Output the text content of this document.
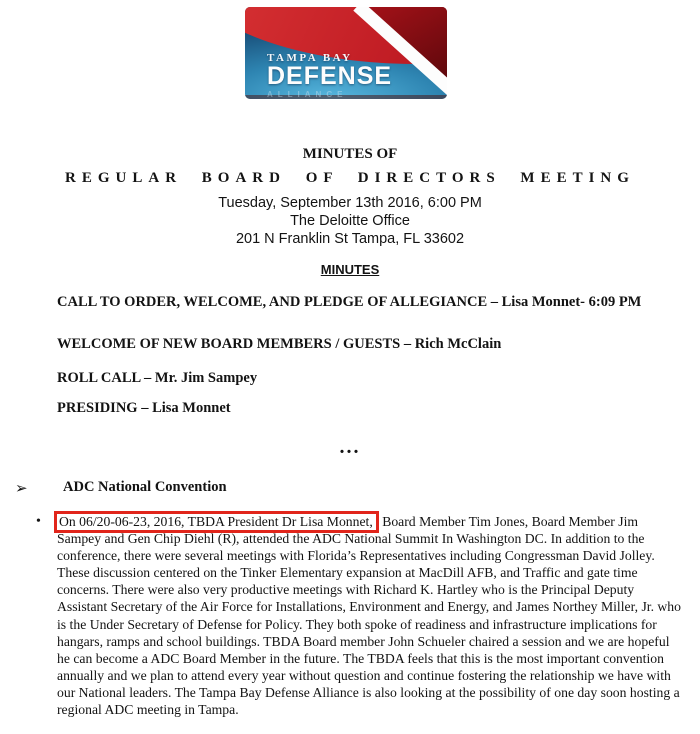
TAMPA BAY
DEFENSE
ALLIANCE
MINUTES OF
REGULAR BOARD OF DIRECTORS MEETING
Tuesday, September 13th 2016, 6:00 PM
The Deloitte Office
201 N Franklin St Tampa, FL 33602
MINUTES
CALL TO ORDER, WELCOME, AND PLEDGE OF ALLEGIANCE – Lisa Monnet- 6:09 PM
WELCOME OF NEW BOARD MEMBERS / GUESTS – Rich McClain
ROLL CALL – Mr. Jim Sampey
PRESIDING – Lisa Monnet
...
➢ ADC National Convention
• On 06/20-06-23, 2016, TBDA President Dr Lisa Monnet, Board Member Tim Jones, Board Member Jim Sampey and Gen Chip Diehl (R), attended the ADC National Summit In Washington DC. In addition to the conference, there were several meetings with Florida’s Representatives including Congressman David Jolley. These discussion centered on the Tinker Elementary expansion at MacDill AFB, and Traffic and gate time concerns. There were also very productive meetings with Richard K. Hartley who is the Principal Deputy Assistant Secretary of the Air Force for Installations, Environment and Energy, and James Northey Miller, Jr. who is the Under Secretary of Defense for Policy. They both spoke of readiness and infrastructure implications for hangars, ramps and school buildings. TBDA Board member John Schueler chaired a session and we are hopeful he can become a ADC Board Member in the future. The TBDA feels that this is the most important convention annually and we plan to attend every year without question and continue fostering the relationship we have with our National leaders. The Tampa Bay Defense Alliance is also looking at the possibility of one day soon hosting a regional ADC meeting in Tampa.
